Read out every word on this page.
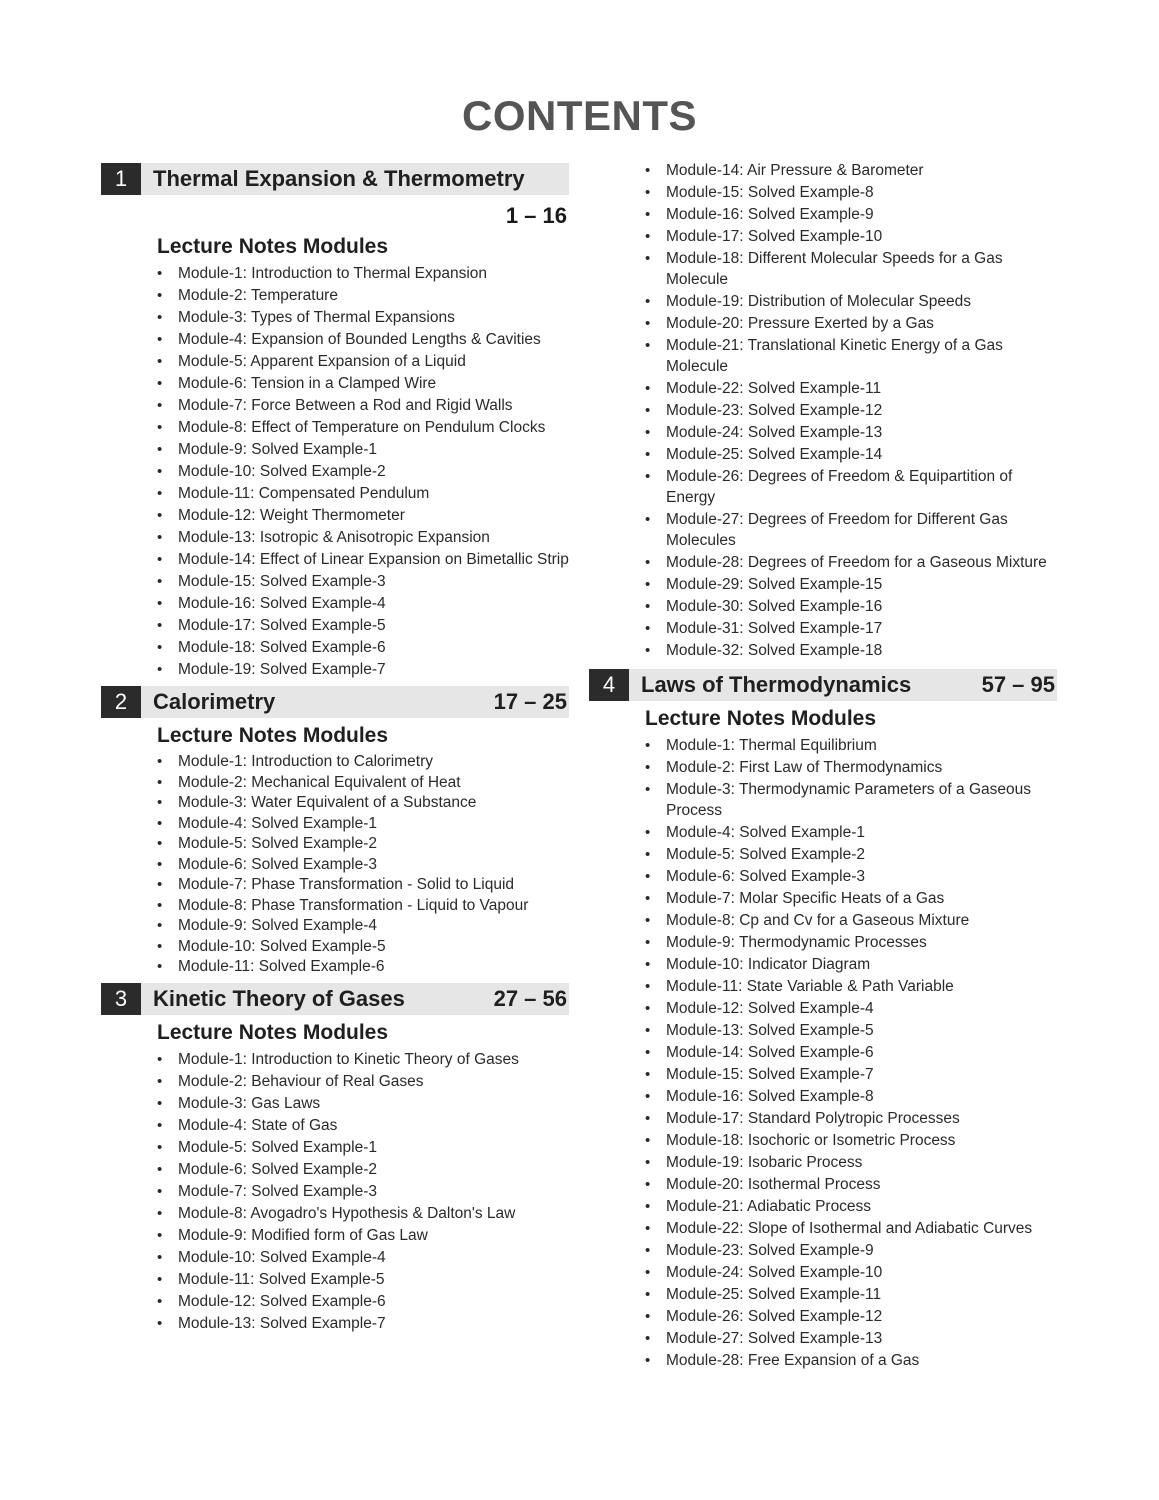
CONTENTS
1	Thermal Expansion & Thermometry
1 – 16
Lecture Notes Modules
• Module-1: Introduction to Thermal Expansion
• Module-2: Temperature
• Module-3: Types of Thermal Expansions
• Module-4: Expansion of Bounded Lengths & Cavities
• Module-5: Apparent Expansion of a Liquid
• Module-6: Tension in a Clamped Wire
• Module-7: Force Between a Rod and Rigid Walls
• Module-8: Effect of Temperature on Pendulum Clocks
• Module-9: Solved Example-1
• Module-10: Solved Example-2
• Module-11: Compensated Pendulum
• Module-12: Weight Thermometer
• Module-13: Isotropic & Anisotropic Expansion
• Module-14: Effect of Linear Expansion on Bimetallic Strip
• Module-15: Solved Example-3
• Module-16: Solved Example-4
• Module-17: Solved Example-5
• Module-18: Solved Example-6
• Module-19: Solved Example-7
2	Calorimetry	17 – 25
Lecture Notes Modules
• Module-1: Introduction to Calorimetry
• Module-2: Mechanical Equivalent of Heat
• Module-3: Water Equivalent of a Substance
• Module-4: Solved Example-1
• Module-5: Solved Example-2
• Module-6: Solved Example-3
• Module-7: Phase Transformation - Solid to Liquid
• Module-8: Phase Transformation - Liquid to Vapour
• Module-9: Solved Example-4
• Module-10: Solved Example-5
• Module-11: Solved Example-6
3	Kinetic Theory of Gases	27 – 56
Lecture Notes Modules
• Module-1: Introduction to Kinetic Theory of Gases
• Module-2: Behaviour of Real Gases
• Module-3: Gas Laws
• Module-4: State of Gas
• Module-5: Solved Example-1
• Module-6: Solved Example-2
• Module-7: Solved Example-3
• Module-8: Avogadro's Hypothesis & Dalton's Law
• Module-9: Modified form of Gas Law
• Module-10: Solved Example-4
• Module-11: Solved Example-5
• Module-12: Solved Example-6
• Module-13: Solved Example-7
• Module-14: Air Pressure & Barometer
• Module-15: Solved Example-8
• Module-16: Solved Example-9
• Module-17: Solved Example-10
• Module-18: Different Molecular Speeds for a Gas Molecule
• Module-19: Distribution of Molecular Speeds
• Module-20: Pressure Exerted by a Gas
• Module-21: Translational Kinetic Energy of a Gas Molecule
• Module-22: Solved Example-11
• Module-23: Solved Example-12
• Module-24: Solved Example-13
• Module-25: Solved Example-14
• Module-26: Degrees of Freedom & Equipartition of Energy
• Module-27: Degrees of Freedom for Different Gas Molecules
• Module-28: Degrees of Freedom for a Gaseous Mixture
• Module-29: Solved Example-15
• Module-30: Solved Example-16
• Module-31: Solved Example-17
• Module-32: Solved Example-18
4	Laws of Thermodynamics	57 – 95
Lecture Notes Modules
• Module-1: Thermal Equilibrium
• Module-2: First Law of Thermodynamics
• Module-3: Thermodynamic Parameters of a Gaseous Process
• Module-4: Solved Example-1
• Module-5: Solved Example-2
• Module-6: Solved Example-3
• Module-7: Molar Specific Heats of a Gas
• Module-8: Cp and Cv for a Gaseous Mixture
• Module-9: Thermodynamic Processes
• Module-10: Indicator Diagram
• Module-11: State Variable & Path Variable
• Module-12: Solved Example-4
• Module-13: Solved Example-5
• Module-14: Solved Example-6
• Module-15: Solved Example-7
• Module-16: Solved Example-8
• Module-17: Standard Polytropic Processes
• Module-18: Isochoric or Isometric Process
• Module-19: Isobaric Process
• Module-20: Isothermal Process
• Module-21: Adiabatic Process
• Module-22: Slope of Isothermal and Adiabatic Curves
• Module-23: Solved Example-9
• Module-24: Solved Example-10
• Module-25: Solved Example-11
• Module-26: Solved Example-12
• Module-27: Solved Example-13
• Module-28: Free Expansion of a Gas
